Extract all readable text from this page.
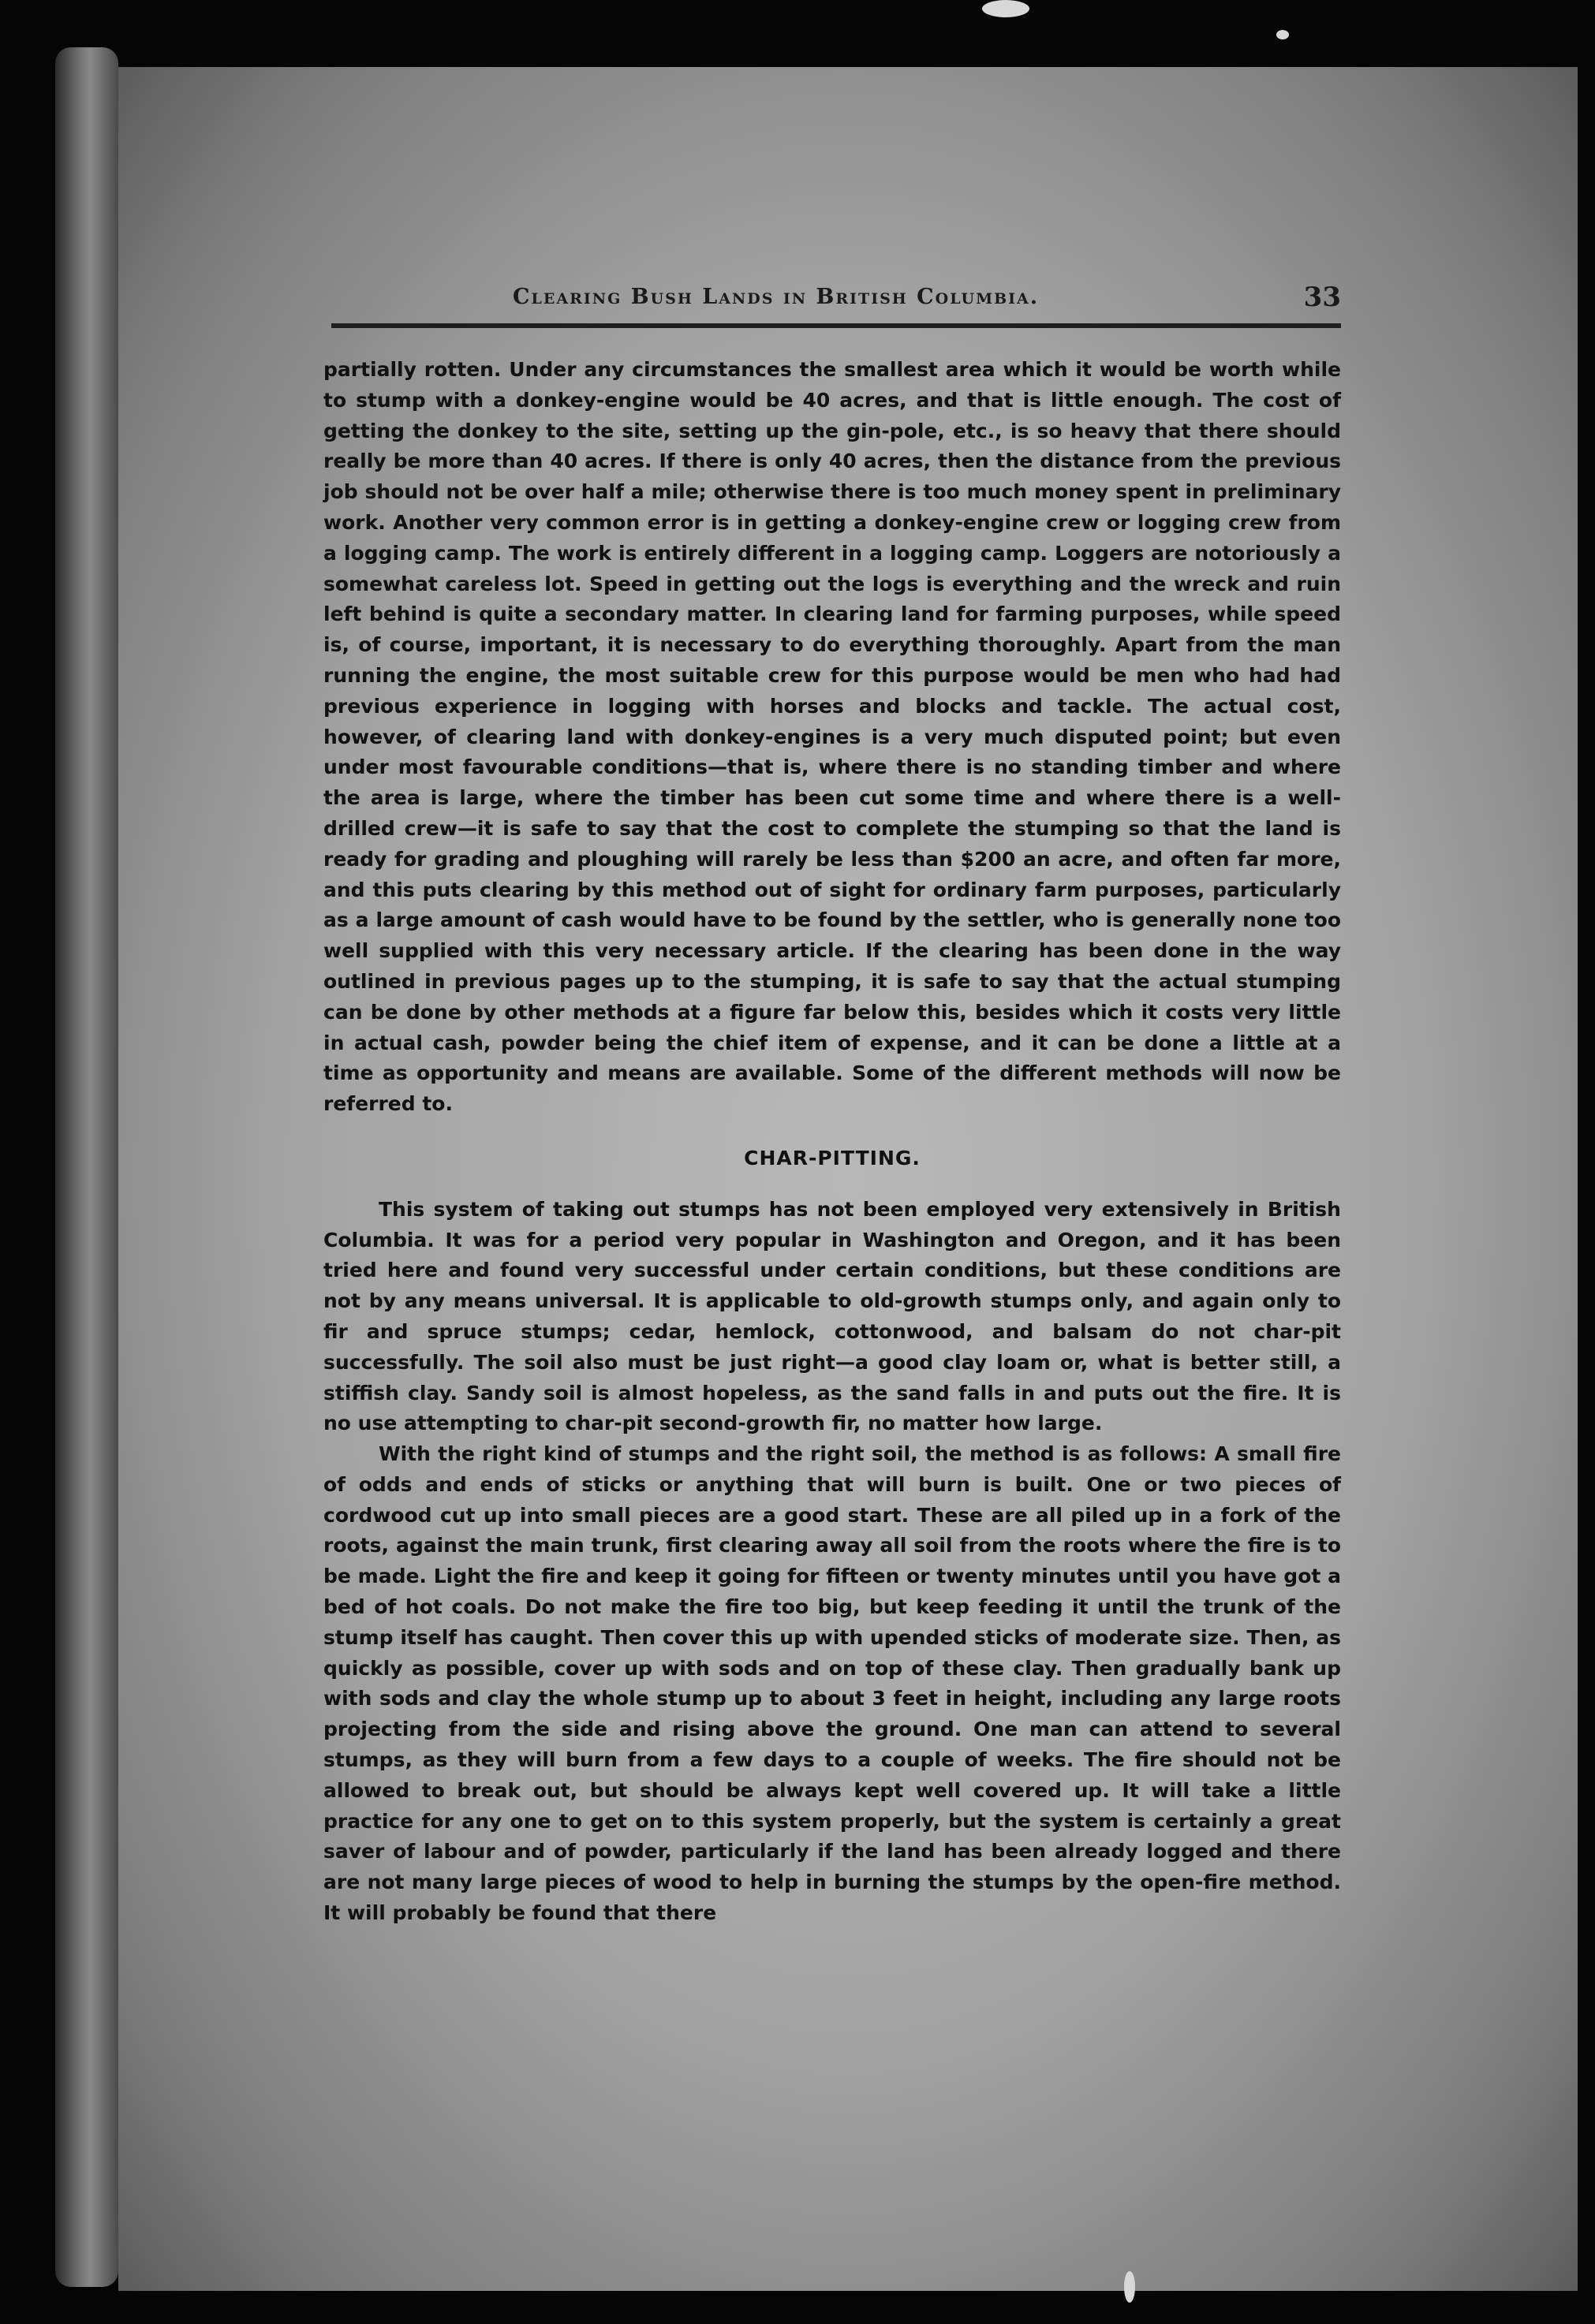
Clearing Bush Lands in British Columbia.	33

partially rotten. Under any circumstances the smallest area which it would be worth while to stump with a donkey-engine would be 40 acres, and that is little enough. The cost of getting the donkey to the site, setting up the gin-pole, etc., is so heavy that there should really be more than 40 acres. If there is only 40 acres, then the distance from the previous job should not be over half a mile; otherwise there is too much money spent in preliminary work. Another very common error is in getting a donkey-engine crew or logging crew from a logging camp. The work is entirely different in a logging camp. Loggers are notoriously a somewhat careless lot. Speed in getting out the logs is everything and the wreck and ruin left behind is quite a secondary matter. In clearing land for farming purposes, while speed is, of course, important, it is necessary to do everything thoroughly. Apart from the man running the engine, the most suitable crew for this purpose would be men who had had previous experience in logging with horses and blocks and tackle. The actual cost, however, of clearing land with donkey-engines is a very much disputed point; but even under most favourable conditions—that is, where there is no standing timber and where the area is large, where the timber has been cut some time and where there is a well-drilled crew—it is safe to say that the cost to complete the stumping so that the land is ready for grading and ploughing will rarely be less than $200 an acre, and often far more, and this puts clearing by this method out of sight for ordinary farm purposes, particularly as a large amount of cash would have to be found by the settler, who is generally none too well supplied with this very necessary article. If the clearing has been done in the way outlined in previous pages up to the stumping, it is safe to say that the actual stumping can be done by other methods at a figure far below this, besides which it costs very little in actual cash, powder being the chief item of expense, and it can be done a little at a time as opportunity and means are available. Some of the different methods will now be referred to.

CHAR-PITTING.

This system of taking out stumps has not been employed very extensively in British Columbia. It was for a period very popular in Washington and Oregon, and it has been tried here and found very successful under certain conditions, but these conditions are not by any means universal. It is applicable to old-growth stumps only, and again only to fir and spruce stumps; cedar, hemlock, cottonwood, and balsam do not char-pit successfully. The soil also must be just right—a good clay loam or, what is better still, a stiffish clay. Sandy soil is almost hopeless, as the sand falls in and puts out the fire. It is no use attempting to char-pit second-growth fir, no matter how large.

With the right kind of stumps and the right soil, the method is as follows: A small fire of odds and ends of sticks or anything that will burn is built. One or two pieces of cordwood cut up into small pieces are a good start. These are all piled up in a fork of the roots, against the main trunk, first clearing away all soil from the roots where the fire is to be made. Light the fire and keep it going for fifteen or twenty minutes until you have got a bed of hot coals. Do not make the fire too big, but keep feeding it until the trunk of the stump itself has caught. Then cover this up with upended sticks of moderate size. Then, as quickly as possible, cover up with sods and on top of these clay. Then gradually bank up with sods and clay the whole stump up to about 3 feet in height, including any large roots projecting from the side and rising above the ground. One man can attend to several stumps, as they will burn from a few days to a couple of weeks. The fire should not be allowed to break out, but should be always kept well covered up. It will take a little practice for any one to get on to this system properly, but the system is certainly a great saver of labour and of powder, particularly if the land has been already logged and there are not many large pieces of wood to help in burning the stumps by the open-fire method. It will probably be found that there
